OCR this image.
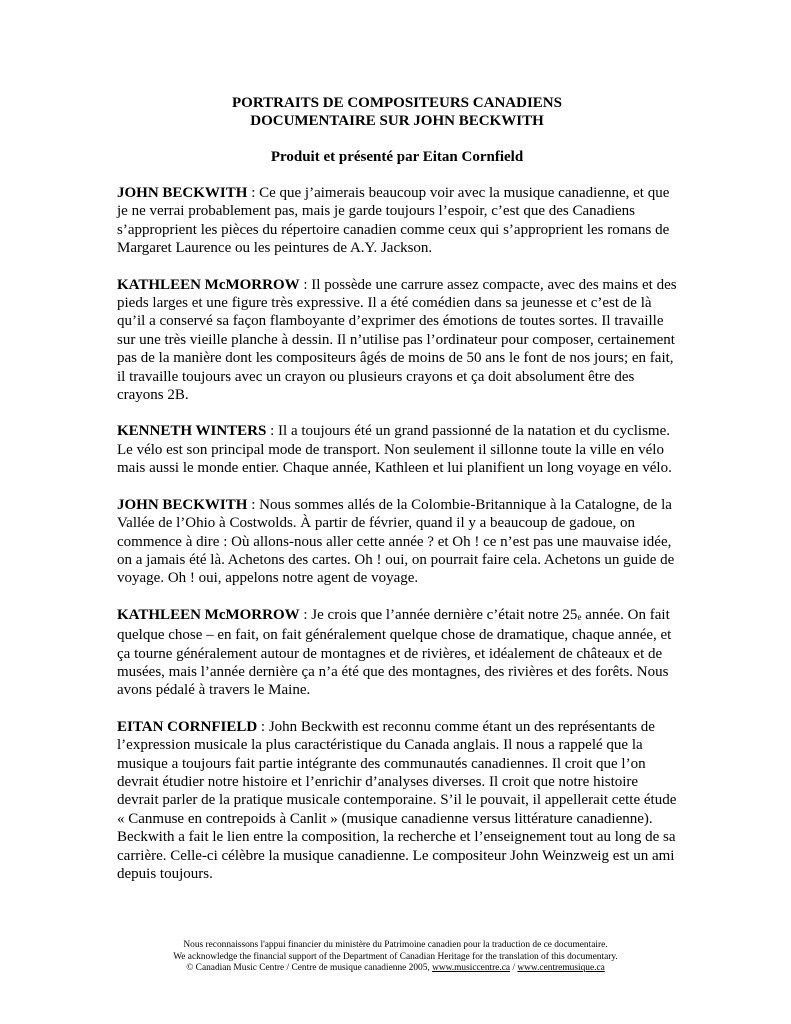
PORTRAITS DE COMPOSITEURS CANADIENS
DOCUMENTAIRE SUR JOHN BECKWITH

Produit et présenté par Eitan Cornfield

JOHN BECKWITH : Ce que j’aimerais beaucoup voir avec la musique canadienne, et que je ne verrai probablement pas, mais je garde toujours l’espoir, c’est que des Canadiens s’approprient les pièces du répertoire canadien comme ceux qui s’approprient les romans de Margaret Laurence ou les peintures de A.Y. Jackson.

KATHLEEN McMORROW : Il possède une carrure assez compacte, avec des mains et des pieds larges et une figure très expressive. Il a été comédien dans sa jeunesse et c’est de là qu’il a conservé sa façon flamboyante d’exprimer des émotions de toutes sortes. Il travaille sur une très vieille planche à dessin. Il n’utilise pas l’ordinateur pour composer, certainement pas de la manière dont les compositeurs âgés de moins de 50 ans le font de nos jours; en fait, il travaille toujours avec un crayon ou plusieurs crayons et ça doit absolument être des crayons 2B.

KENNETH WINTERS : Il a toujours été un grand passionné de la natation et du cyclisme. Le vélo est son principal mode de transport. Non seulement il sillonne toute la ville en vélo mais aussi le monde entier. Chaque année, Kathleen et lui planifient un long voyage en vélo.

JOHN BECKWITH : Nous sommes allés de la Colombie-Britannique à la Catalogne, de la Vallée de l’Ohio à Costwolds. À partir de février, quand il y a beaucoup de gadoue, on commence à dire : Où allons-nous aller cette année ? et Oh ! ce n’est pas une mauvaise idée, on a jamais été là. Achetons des cartes. Oh ! oui, on pourrait faire cela. Achetons un guide de voyage. Oh ! oui, appelons notre agent de voyage.

KATHLEEN McMORROW : Je crois que l’année dernière c’était notre 25e année. On fait quelque chose – en fait, on fait généralement quelque chose de dramatique, chaque année, et ça tourne généralement autour de montagnes et de rivières, et idéalement de châteaux et de musées, mais l’année dernière ça n’a été que des montagnes, des rivières et des forêts. Nous avons pédalé à travers le Maine.

EITAN CORNFIELD : John Beckwith est reconnu comme étant un des représentants de l’expression musicale la plus caractéristique du Canada anglais. Il nous a rappelé que la musique a toujours fait partie intégrante des communautés canadiennes. Il croit que l’on devrait étudier notre histoire et l’enrichir d’analyses diverses. Il croit que notre histoire devrait parler de la pratique musicale contemporaine. S’il le pouvait, il appellerait cette étude « Canmuse en contrepoids à Canlit » (musique canadienne versus littérature canadienne). Beckwith a fait le lien entre la composition, la recherche et l’enseignement tout au long de sa carrière. Celle-ci célèbre la musique canadienne. Le compositeur John Weinzweig est un ami depuis toujours.

Nous reconnaissons l'appui financier du ministère du Patrimoine canadien pour la traduction de ce documentaire.
We acknowledge the financial support of the Department of Canadian Heritage for the translation of this documentary.
© Canadian Music Centre / Centre de musique canadienne 2005, www.musiccentre.ca / www.centremusique.ca
